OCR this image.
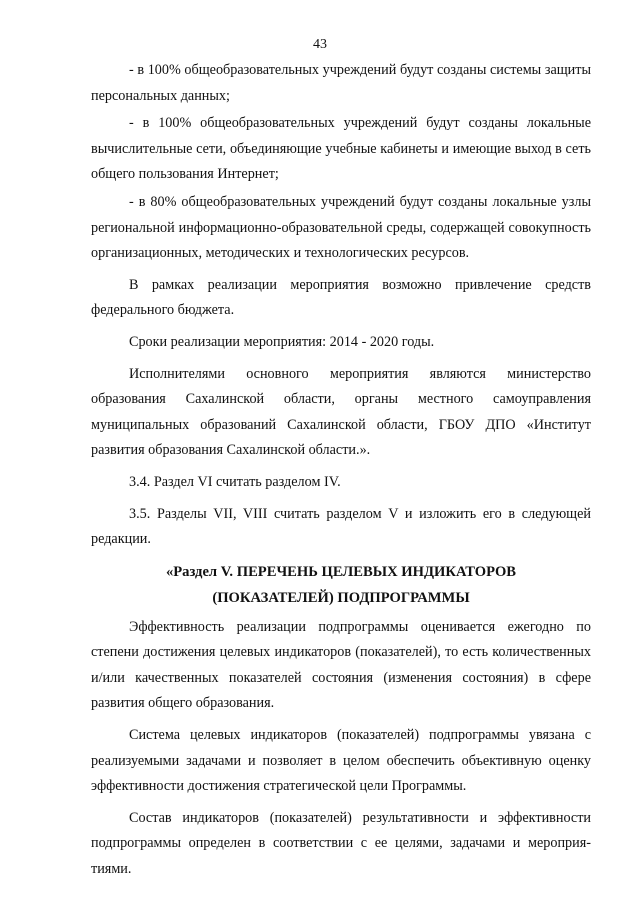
43

- в 100% общеобразовательных учреждений будут созданы системы защиты персональных данных;

- в 100% общеобразовательных учреждений будут созданы локальные вычислительные сети, объединяющие учебные кабинеты и имеющие выход в сеть общего пользования Интернет;

- в 80% общеобразовательных учреждений будут созданы локальные узлы региональной информационно-образовательной среды, содержащей совокупность организационных, методических и технологических ресурсов.

В рамках реализации мероприятия возможно привлечение средств федерального бюджета.

Сроки реализации мероприятия: 2014 - 2020 годы.

Исполнителями основного мероприятия являются министерство образования Сахалинской области, органы местного самоуправления муниципальных образований Сахалинской области, ГБОУ ДПО «Институт развития образования Сахалинской области.».

3.4. Раздел VI считать разделом IV.

3.5. Разделы VII, VIII считать разделом V и изложить его в следующей редакции.

«Раздел V. ПЕРЕЧЕНЬ ЦЕЛЕВЫХ ИНДИКАТОРОВ
(ПОКАЗАТЕЛЕЙ) ПОДПРОГРАММЫ

Эффективность реализации подпрограммы оценивается ежегодно по степени достижения целевых индикаторов (показателей), то есть количественных и/или качественных показателей состояния (изменения состояния) в сфере развития общего образования.

Система целевых индикаторов (показателей) подпрограммы увязана с реализуемыми задачами и позволяет в целом обеспечить объективную оценку эффективности достижения стратегической цели Программы.

Состав индикаторов (показателей) результативности и эффективности подпрограммы определен в соответствии с ее целями, задачами и мероприя-тиями.
